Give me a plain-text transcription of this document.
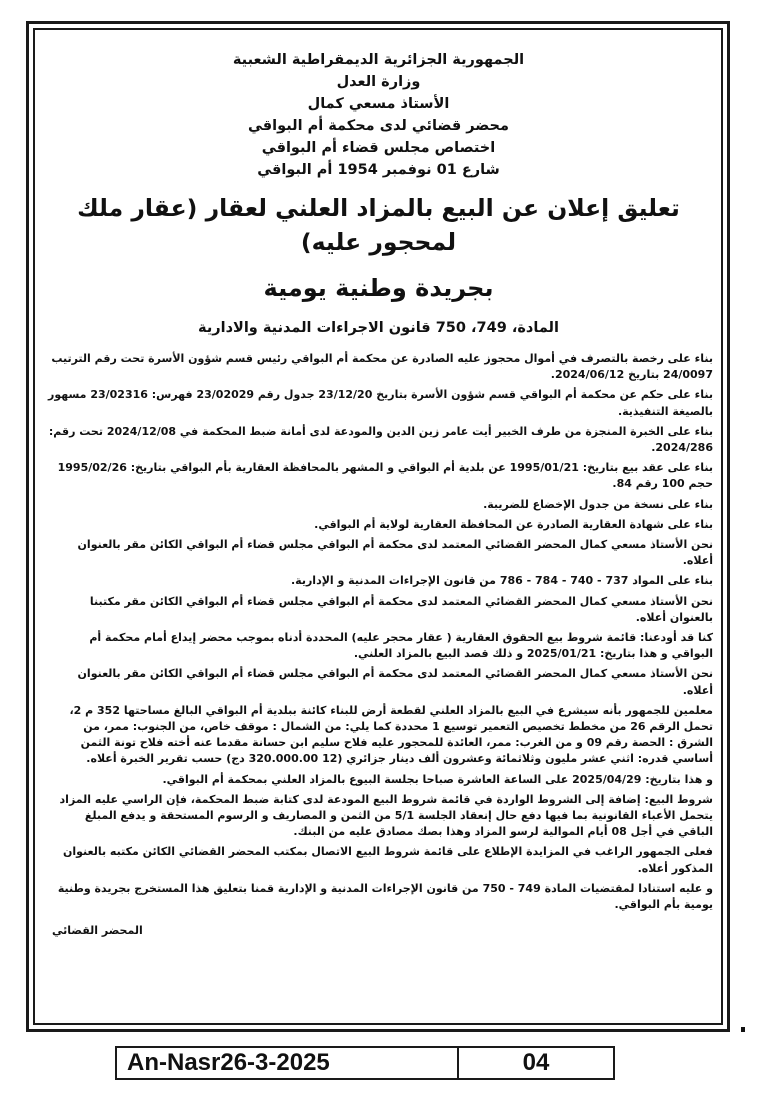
الجمهورية الجزائرية الديمقراطية الشعبية

وزارة العدل

الأستاذ مسعي كمال

محضر قضائي لدى محكمة أم البواقي

اختصاص مجلس قضاء أم البواقي

شارع 01 نوفمبر 1954 أم البواقي

تعليق إعلان عن البيع بالمزاد العلني لعقار (عقار ملك لمحجور عليه)

بجريدة وطنية يومية

المادة، 749، 750 قانون الاجراءات المدنية والادارية

بناء على رخصة بالتصرف في أموال محجوز عليه الصادرة عن محكمة أم البواقي رئيس قسم شؤون الأسرة تحت رقم الترتيب 24/0097 بتاريخ 2024/06/12.

بناء على حكم عن محكمة أم البواقي قسم شؤون الأسرة بتاريخ 23/12/20 جدول رقم 23/02029 فهرس: 23/02316 مسهور بالصيغة التنفيذية.

بناء على الخبرة المنجزة من طرف الخبير أيت عامر زين الدين والمودعة لدى أمانة ضبط المحكمة في 2024/12/08 تحت رقم: 2024/286.

بناء على عقد بيع بتاريخ: 1995/01/21 عن بلدية أم البواقي و المشهر بالمحافظة العقارية بأم البواقي بتاريخ: 1995/02/26 حجم 100 رقم 84.

بناء على نسخة من جدول الإخضاع للضريبة.

بناء على شهادة العقارية الصادرة عن المحافظة العقارية لولاية أم البواقي.

نحن الأستاذ مسعي كمال المحضر القضائي المعتمد لدى محكمة أم البواقي مجلس قضاء أم البواقي الكائن مقر بالعنوان أعلاه.

بناء على المواد 737 - 740 - 784 - 786 من قانون الإجراءات المدنية و الإدارية.

نحن الأستاذ مسعي كمال المحضر القضائي المعتمد لدى محكمة أم البواقي مجلس قضاء أم البواقي الكائن مقر مكتبنا بالعنوان أعلاه.

كنا قد أودعنا: قائمة شروط بيع الحقوق العقارية ( عقار محجر عليه) المحددة أدناه بموجب محضر إيداع أمام محكمة أم البواقي و هذا بتاريخ: 2025/01/21 و ذلك قصد البيع بالمزاد العلني.

نحن الأستاذ مسعي كمال المحضر القضائي المعتمد لدى محكمة أم البواقي مجلس قضاء أم البواقي الكائن مقر بالعنوان أعلاه.

معلمين للجمهور بأنه سيشرع في البيع بالمزاد العلني لقطعة أرض للبناء كائنة ببلدية أم البواقي البالغ مساحتها 352 م 2، تحمل الرقم 26 من مخطط تخصيص التعمير توسيع 1 محددة كما يلي: من الشمال : موقف خاص، من الجنوب: ممر، من الشرق : الحصة رقم 09 و من الغرب: ممر، العائدة للمحجور عليه فلاح سليم ابن حسانة مقدما عنه أخته فلاح تونة الثمن أساسي قدره: اثني عشر مليون وثلاثمائة وعشرون ألف دينار جزائري (12 320.000.00 دج) حسب تقرير الخبرة أعلاه.

و هذا بتاريخ: 2025/04/29 على الساعة العاشرة صباحا بجلسة البيوع بالمزاد العلني بمحكمة أم البواقي.

شروط البيع: إضافة إلى الشروط الواردة في قائمة شروط البيع المودعة لدى كتابة ضبط المحكمة، فإن الراسي عليه المزاد يتحمل الأعباء القانونية بما فيها دفع حال إنعقاد الجلسة 5/1 من الثمن و المصاريف و الرسوم المستحقة و يدفع المبلغ الباقي في أجل 08 أيام الموالية لرسو المزاد وهذا بصك مصادق عليه من البنك.

فعلى الجمهور الراغب في المزايدة الإطلاع على قائمة شروط البيع الاتصال بمكتب المحضر القضائي الكائن مكتبه بالعنوان المذكور أعلاه.

و عليه استنادا لمقتضيات المادة 749 - 750 من قانون الإجراءات المدنية و الإدارية قمنا بتعليق هذا المستخرج بجريدة وطنية يومية بأم البواقي.

المحضر القضائي

An-Nasr26-3-2025	04
